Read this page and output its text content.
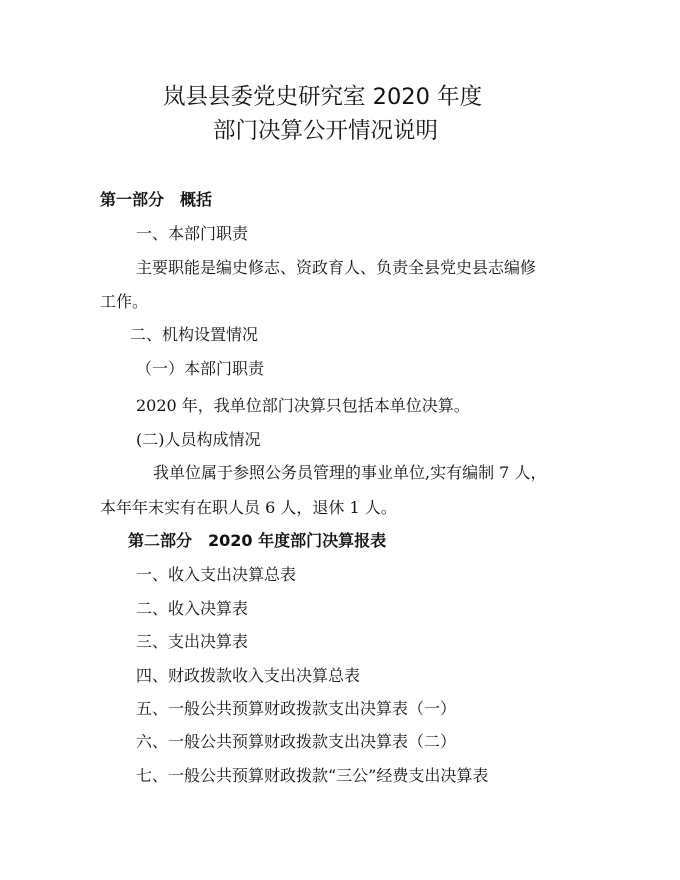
岚县县委党史研究室 2020 年度
部门决算公开情况说明
第一部分　概括
一、本部门职责
主要职能是编史修志、资政育人、负责全县党史县志编修
工作。
二、机构设置情况
（一）本部门职责
2020 年，我单位部门决算只包括本单位决算。
(二)人员构成情况
我单位属于参照公务员管理的事业单位,实有编制 7 人，
本年年末实有在职人员 6 人，退休 1 人。
第二部分　2020 年度部门决算报表
一、收入支出决算总表
二、收入决算表
三、支出决算表
四、财政拨款收入支出决算总表
五、一般公共预算财政拨款支出决算表（一）
六、一般公共预算财政拨款支出决算表（二）
七、一般公共预算财政拨款“三公”经费支出决算表
